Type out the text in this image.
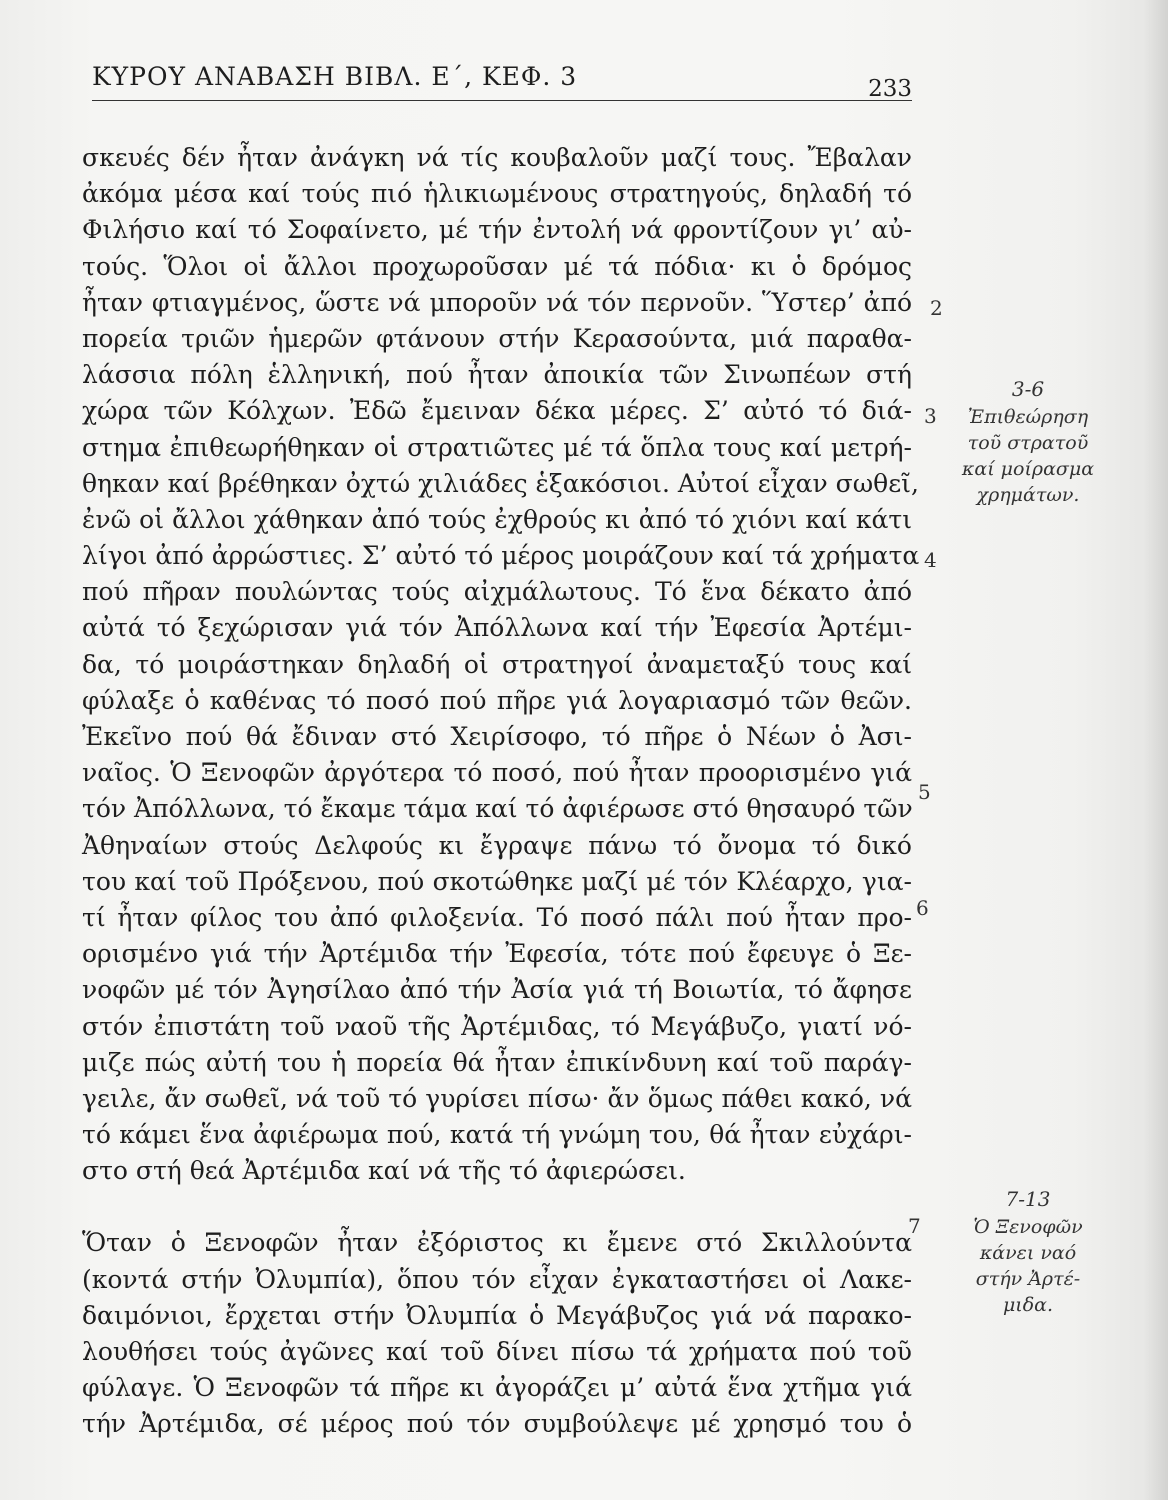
ΚΥΡΟΥ ΑΝΑΒΑΣΗ ΒΙΒΛ. Ε΄, ΚΕΦ. 3	233
σκευές δέν ἦταν ἀνάγκη νά τίς κουβαλοῦν μαζί τους. Ἔβαλαν
ἀκόμα μέσα καί τούς πιό ἡλικιωμένους στρατηγούς, δηλαδή τό
Φιλήσιο καί τό Σοφαίνετο, μέ τήν ἐντολή νά φροντίζουν γι’ αὐ-
τούς. Ὅλοι οἱ ἄλλοι προχωροῦσαν μέ τά πόδια· κι ὁ δρόμος
ἦταν φτιαγμένος, ὥστε νά μποροῦν νά τόν περνοῦν. Ὕστερ’ ἀπό
πορεία τριῶν ἡμερῶν φτάνουν στήν Κερασούντα, μιά παραθα-
λάσσια πόλη ἑλληνική, πού ἦταν ἀποικία τῶν Σινωπέων στή
χώρα τῶν Κόλχων. Ἐδῶ ἔμειναν δέκα μέρες. Σ’ αὐτό τό διά-
στημα ἐπιθεωρήθηκαν οἱ στρατιῶτες μέ τά ὅπλα τους καί μετρή-
θηκαν καί βρέθηκαν ὀχτώ χιλιάδες ἑξακόσιοι. Αὐτοί εἶχαν σωθεῖ,
ἐνῶ οἱ ἄλλοι χάθηκαν ἀπό τούς ἐχθρούς κι ἀπό τό χιόνι καί κάτι
λίγοι ἀπό ἀρρώστιες. Σ’ αὐτό τό μέρος μοιράζουν καί τά χρήματα
πού πῆραν πουλώντας τούς αἰχμάλωτους. Τό ἕνα δέκατο ἀπό
αὐτά τό ξεχώρισαν γιά τόν Ἀπόλλωνα καί τήν Ἐφεσία Ἀρτέμι-
δα, τό μοιράστηκαν δηλαδή οἱ στρατηγοί ἀναμεταξύ τους καί
φύλαξε ὁ καθένας τό ποσό πού πῆρε γιά λογαριασμό τῶν θεῶν.
Ἐκεῖνο πού θά ἔδιναν στό Χειρίσοφο, τό πῆρε ὁ Νέων ὁ Ἀσι-
ναῖος. Ὁ Ξενοφῶν ἀργότερα τό ποσό, πού ἦταν προορισμένο γιά
τόν Ἀπόλλωνα, τό ἔκαμε τάμα καί τό ἀφιέρωσε στό θησαυρό τῶν
Ἀθηναίων στούς Δελφούς κι ἔγραψε πάνω τό ὄνομα τό δικό
του καί τοῦ Πρόξενου, πού σκοτώθηκε μαζί μέ τόν Κλέαρχο, για-
τί ἦταν φίλος του ἀπό φιλοξενία. Τό ποσό πάλι πού ἦταν προ-
ορισμένο γιά τήν Ἀρτέμιδα τήν Ἐφεσία, τότε πού ἔφευγε ὁ Ξε-
νοφῶν μέ τόν Ἀγησίλαο ἀπό τήν Ἀσία γιά τή Βοιωτία, τό ἄφησε
στόν ἐπιστάτη τοῦ ναοῦ τῆς Ἀρτέμιδας, τό Μεγάβυζο, γιατί νό-
μιζε πώς αὐτή του ἡ πορεία θά ἦταν ἐπικίνδυνη καί τοῦ παράγ-
γειλε, ἄν σωθεῖ, νά τοῦ τό γυρίσει πίσω· ἄν ὅμως πάθει κακό, νά
τό κάμει ἕνα ἀφιέρωμα πού, κατά τή γνώμη του, θά ἦταν εὐχάρι-
στο στή θεά Ἀρτέμιδα καί νά τῆς τό ἀφιερώσει.
Ὅταν ὁ Ξενοφῶν ἦταν ἐξόριστος κι ἔμενε στό Σκιλλούντα
(κοντά στήν Ὀλυμπία), ὅπου τόν εἶχαν ἐγκαταστήσει οἱ Λακε-
δαιμόνιοι, ἔρχεται στήν Ὀλυμπία ὁ Μεγάβυζος γιά νά παρακο-
λουθήσει τούς ἀγῶνες καί τοῦ δίνει πίσω τά χρήματα πού τοῦ
φύλαγε. Ὁ Ξενοφῶν τά πῆρε κι ἀγοράζει μ’ αὐτά ἕνα χτῆμα γιά
τήν Ἀρτέμιδα, σέ μέρος πού τόν συμβούλεψε μέ χρησμό του ὁ
2
3
4
5
6
7
3-6
Ἐπιθεώρηση
τοῦ στρατοῦ
καί μοίρασμα
χρημάτων.
7-13
Ὁ Ξενοφῶν
κάνει ναό
στήν Ἀρτέ-
μιδα.
